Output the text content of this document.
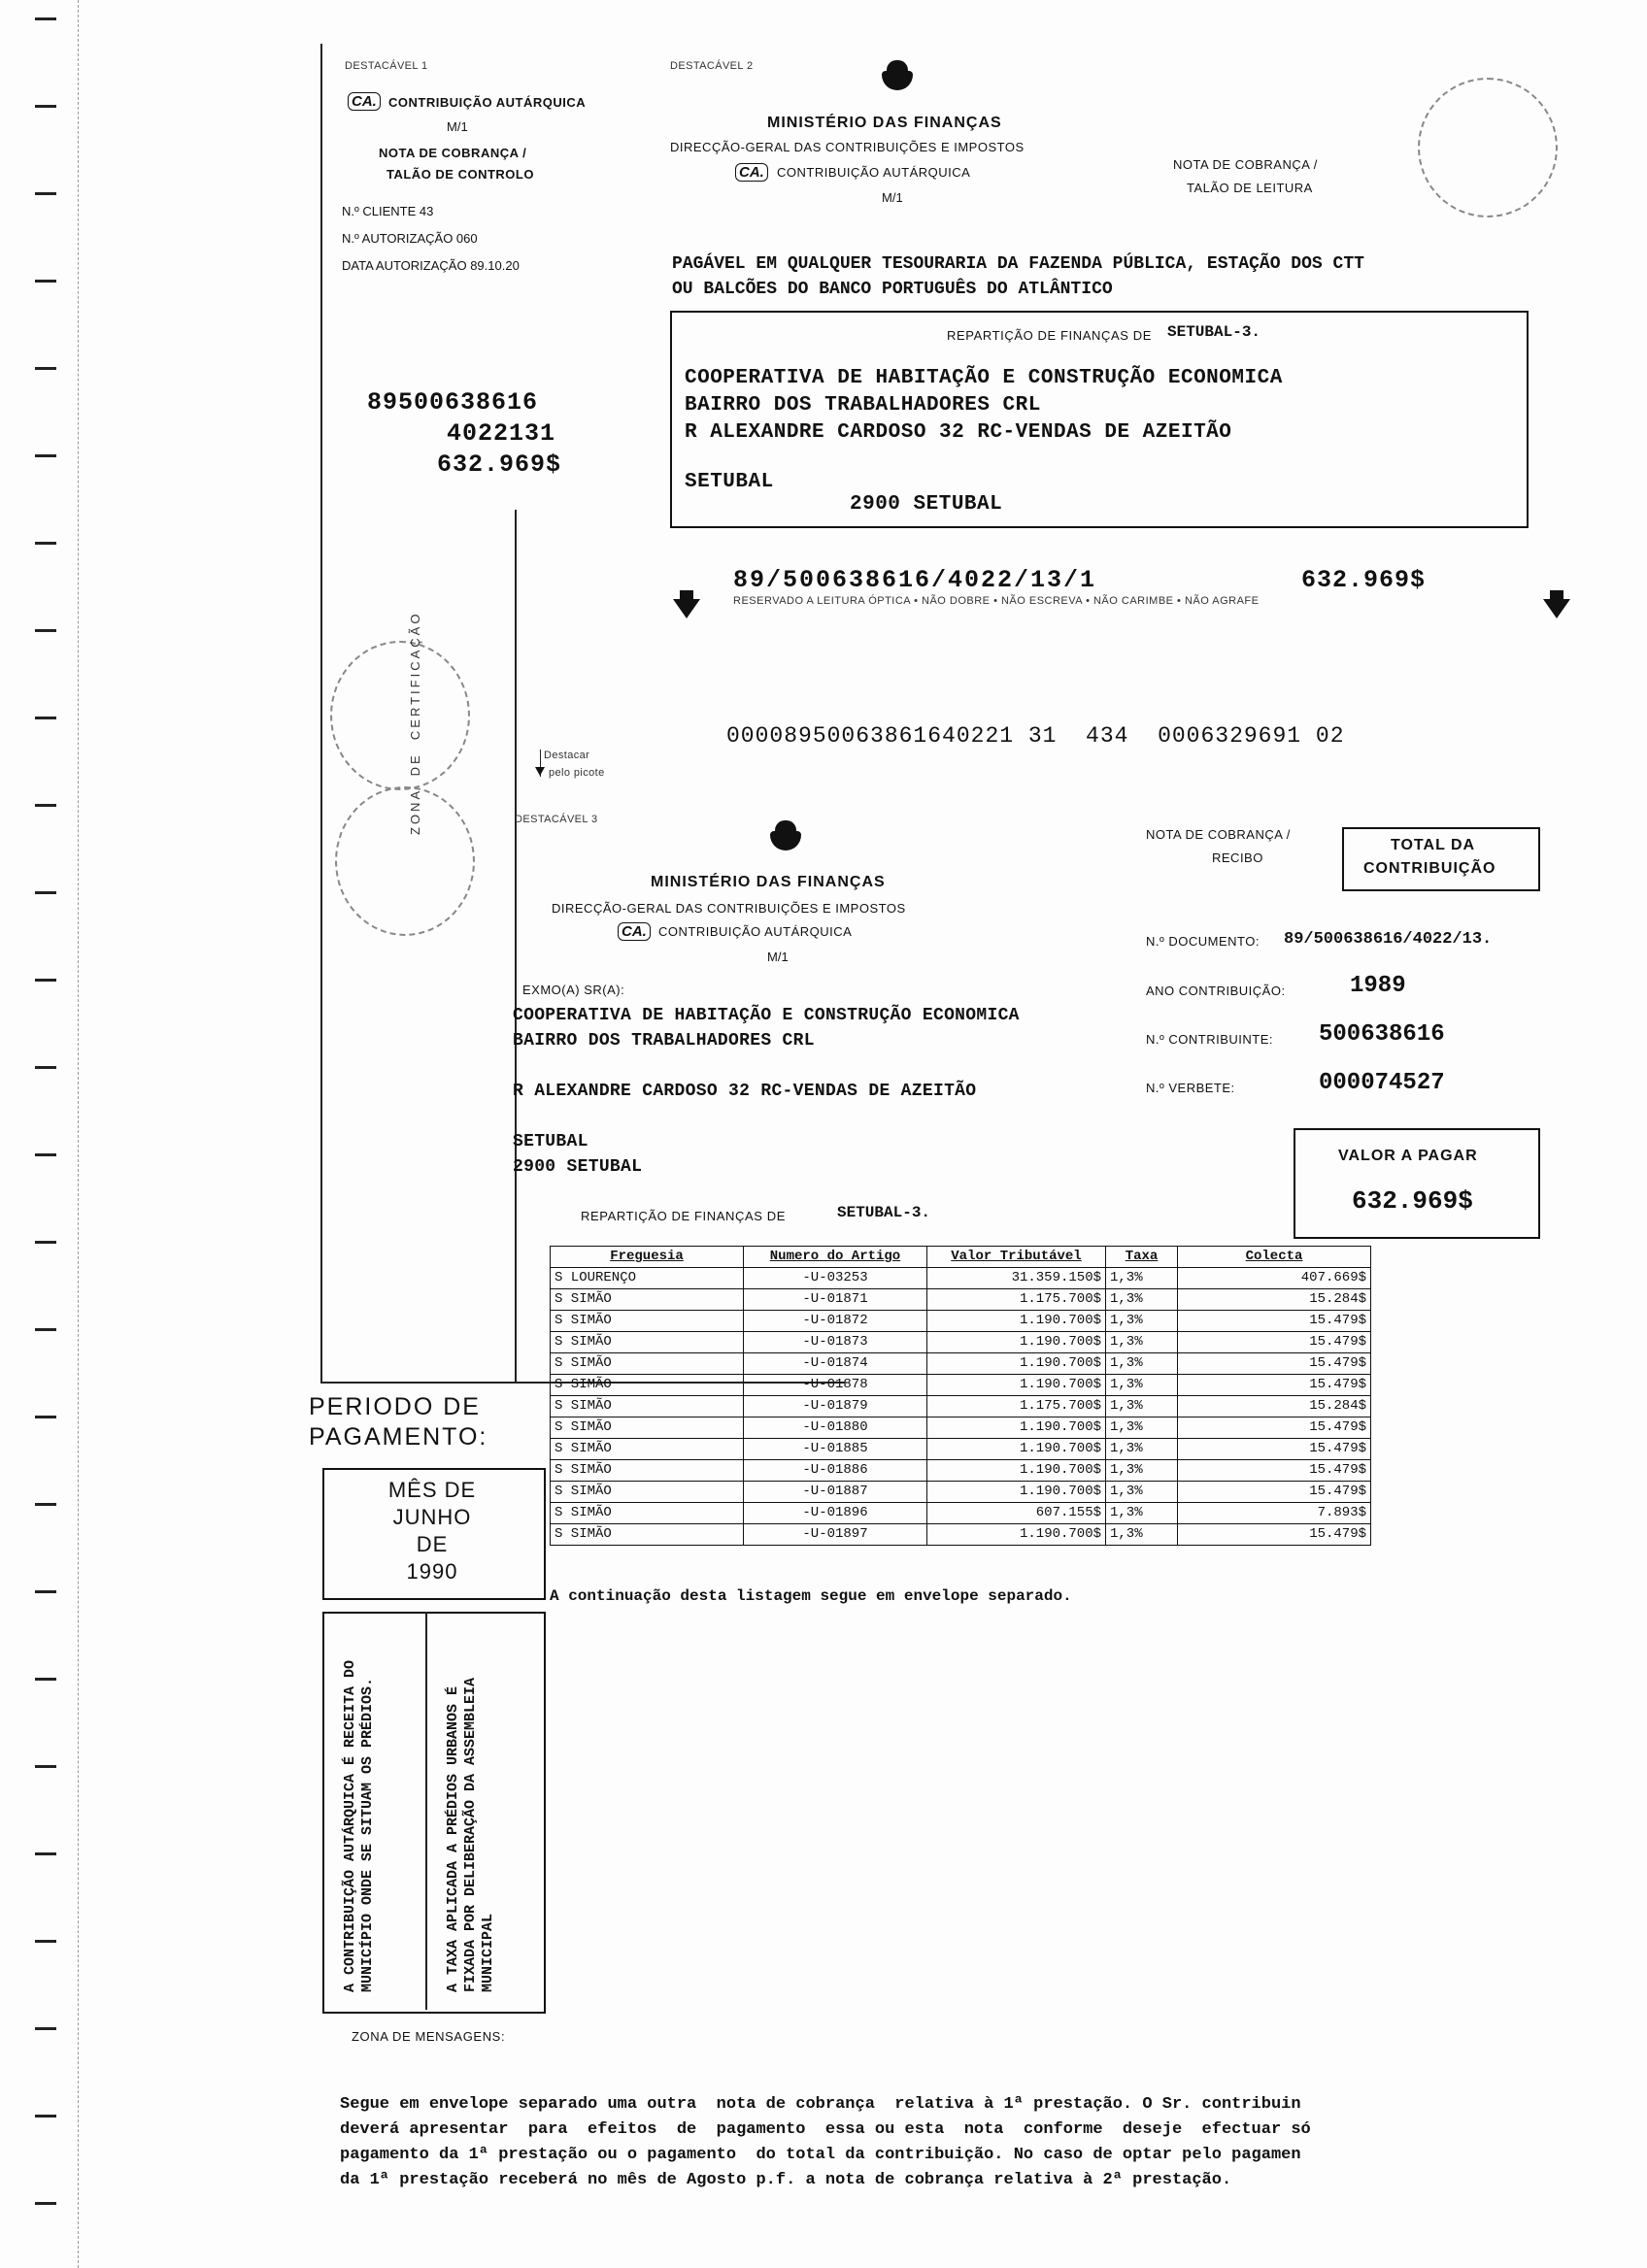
DESTACÁVEL 1
CA. CONTRIBUIÇÃO AUTÁRQUICA
M/1
NOTA DE COBRANÇA /
TALÃO DE CONTROLO
N.º CLIENTE 43
N.º AUTORIZAÇÃO 060
DATA AUTORIZAÇÃO 89.10.20
89500638616
4022131
632.969$
ZONA  DE  CERTIFICAÇÃO
DESTACÁVEL 2
MINISTÉRIO DAS FINANÇAS
DIRECÇÃO-GERAL DAS CONTRIBUIÇÕES E IMPOSTOS
CA.	CONTRIBUIÇÃO AUTÁRQUICA
M/1
NOTA DE COBRANÇA /
TALÃO DE LEITURA
PAGÁVEL EM QUALQUER TESOURARIA DA FAZENDA PÚBLICA, ESTAÇÃO DOS CTT
OU BALCÕES DO BANCO PORTUGUÊS DO ATLÂNTICO
REPARTIÇÃO DE FINANÇAS DE SETUBAL-3.
COOPERATIVA DE HABITAÇÃO E CONSTRUÇÃO ECONOMICA
BAIRRO DOS TRABALHADORES CRL
R ALEXANDRE CARDOSO 32 RC-VENDAS DE AZEITÃO
SETUBAL
2900 SETUBAL
89/500638616/4022/13/1	632.969$
RESERVADO A LEITURA ÓPTICA • NÃO DOBRE • NÃO ESCREVA • NÃO CARIMBE • NÃO AGRAFE
00008950063861640221 31  434  0006329691 02
Destacar
pelo picote
DESTACÁVEL 3
MINISTÉRIO DAS FINANÇAS
DIRECÇÃO-GERAL DAS CONTRIBUIÇÕES E IMPOSTOS
CA. CONTRIBUIÇÃO AUTÁRQUICA
M/1
NOTA DE COBRANÇA /
RECIBO
TOTAL DA
CONTRIBUIÇÃO
EXMO(A) SR(A):
COOPERATIVA DE HABITAÇÃO E CONSTRUÇÃO ECONOMICA
BAIRRO DOS TRABALHADORES CRL
R ALEXANDRE CARDOSO 32 RC-VENDAS DE AZEITÃO
SETUBAL
2900 SETUBAL
REPARTIÇÃO DE FINANÇAS DE	SETUBAL-3.
N.º DOCUMENTO: 89/500638616/4022/13.
ANO CONTRIBUIÇÃO:	1989
N.º CONTRIBUINTE: 500638616
N.º VERBETE:	000074527
VALOR A PAGAR
632.969$
Freguesia	Numero do Artigo	Valor Tributável	Taxa	Colecta
S LOURENÇO	-U-03253	31.359.150$	1,3%	407.669$
S SIMÃO	-U-01871	1.175.700$	1,3%	15.284$
S SIMÃO	-U-01872	1.190.700$	1,3%	15.479$
S SIMÃO	-U-01873	1.190.700$	1,3%	15.479$
S SIMÃO	-U-01874	1.190.700$	1,3%	15.479$
S SIMÃO	-U-01878	1.190.700$	1,3%	15.479$
S SIMÃO	-U-01879	1.175.700$	1,3%	15.284$
S SIMÃO	-U-01880	1.190.700$	1,3%	15.479$
S SIMÃO	-U-01885	1.190.700$	1,3%	15.479$
S SIMÃO	-U-01886	1.190.700$	1,3%	15.479$
S SIMÃO	-U-01887	1.190.700$	1,3%	15.479$
S SIMÃO	-U-01896	607.155$	1,3%	7.893$
S SIMÃO	-U-01897	1.190.700$	1,3%	15.479$
A continuação desta listagem segue em envelope separado.
PERIODO DE
PAGAMENTO:
MÊS DE
JUNHO
DE
1990
A CONTRIBUIÇÃO AUTÁRQUICA É RECEITA DO MUNICÍPIO ONDE SE SITUAM OS PRÉDIOS.	A TAXA APLICADA A PRÉDIOS URBANOS É FIXADA POR DELIBERAÇÃO DA ASSEMBLEIA MUNICIPAL
ZONA DE MENSAGENS:
Segue em envelope separado uma outra  nota de cobrança  relativa à 1ª prestação. O Sr. contribuin
deverá apresentar  para  efeitos  de  pagamento  essa ou esta  nota  conforme  deseje  efectuar só
pagamento da 1ª prestação ou o pagamento  do total da contribuição. No caso de optar pelo pagamen
da 1ª prestação receberá no mês de Agosto p.f. a nota de cobrança relativa à 2ª prestação.
